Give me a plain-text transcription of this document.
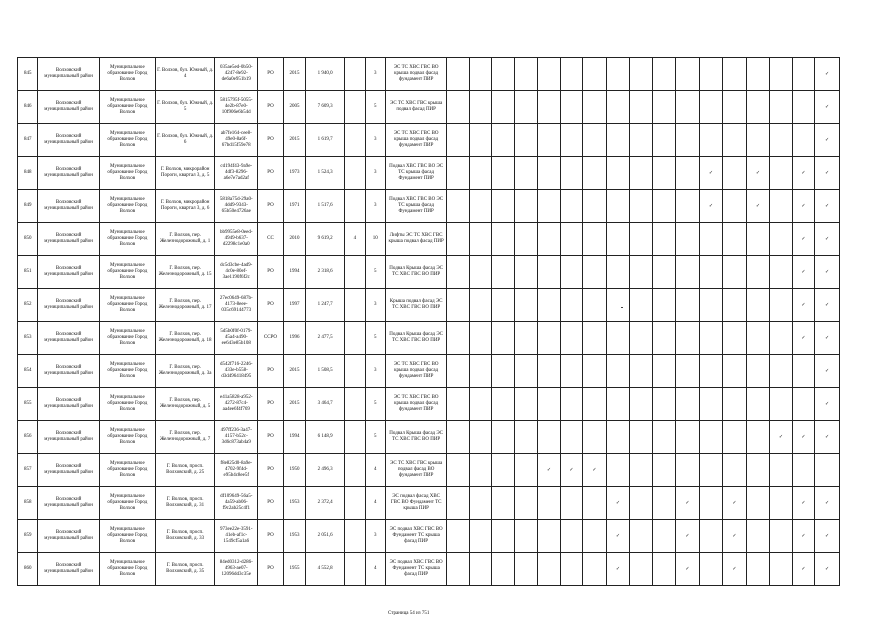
845	Волховский муниципальный район	Муниципальное образование Город Волхов	Г. Волхов, бул. Южный, д. 4	035ae5ed-0b50-4247-8e92-de6a0e951b19	РО	2015	1 940,0		3	ЭС ТС ХВС ГВС ВО крыша подвал фасад фундамент ПИР																	✓
846	Волховский муниципальный район	Муниципальное образование Город Волхов	Г. Волхов, бул. Южный, д. 5	5815795f-5055-4e2b-87e0-10f906e6b54d	РО	2005	7 609,3		5	ЭС ТС ХВС ГВС крыша подвал фасад ПИР																	✓
847	Волховский муниципальный район	Муниципальное образование Город Волхов	Г. Волхов, бул. Южный, д. 6	ab7fe164-cee8-49e0-8a6f-67bd15f59e78	РО	2015	1 619,7		3	ЭС ТС ХВС ГВС ВО крыша подвал фасад фундамент ПИР																	✓
848	Волховский муниципальный район	Муниципальное образование Город Волхов	Г. Волхов, микрорайон Пороги, квартал 3, д. 5	cd194f43-9a9e-4df3-8296-a6e7e7ad2af	РО	1973	1 524,3		3	Подвал ХВС ГВС ВО ЭС ТС крыша фасад Фундамент ПИР												✓		✓		✓	✓
849	Волховский муниципальный район	Муниципальное образование Город Волхов	Г. Волхов, микрорайон Пороги, квартал 3, д. 6	5818a75d-29a0-4dd9-9343-65b50e4726ae	РО	1971	1 517,6		3	Подвал ХВС ГВС ВО ЭС ТС крыша фасад Фундамент ПИР												✓		✓		✓	✓
850	Волховский муниципальный район	Муниципальное образование Город Волхов	Г. Волхов, пер. Железнодорожный, д. 1	bb9955e8-0eed-4949-b637-d2298c1e0a0	СС	2010	9 619,2	4	10	Лифты ЭС ТС ХВС ГВС крыша подвал фасад ПИР																✓	✓
851	Волховский муниципальный район	Муниципальное образование Город Волхов	Г. Волхов, пер. Железнодорожный, д. 15	dc5d3cbe-4ad9-4c0e-80ef-3ae1190f6f2c	РО	1994	2 318,6		5	Подвал Крыша фасад ЭС ТС ХВС ГВС ВО ПИР																✓	✓
852	Волховский муниципальный район	Муниципальное образование Город Волхов	Г. Волхов, пер. Железнодорожный, д. 17	27ec0649-687b-4173-8eee-035c69144773	РО	1997	1 247,7		3	Крыша подвал фасад ЭС ТС ХВС ГВС ВО ПИР																✓	✓
853	Волховский муниципальный район	Муниципальное образование Город Волхов	Г. Волхов, пер. Железнодорожный, д. 18	5d5b0f0f-0179-45a4-a490-ee643e85b108	ССРО	1996	2 477,5		5	Подвал Крыша фасад ЭС ТС ХВС ГВС ВО ПИР																✓	✓
854	Волховский муниципальный район	Муниципальное образование Город Волхов	Г. Волхов, пер. Железнодорожный, д. 3а	d542f716-2246-433e-b558-d3d496418495	РО	2015	1 508,5		3	ЭС ТС ХВС ГВС ВО крыша подвал фасад фундамент ПИР																	✓
855	Волховский муниципальный район	Муниципальное образование Город Волхов	Г. Волхов, пер. Железнодорожный, д. 5	e41a5828-a952-4272-87c4-aa4ee6f4f769	РО	2015	3 464,7		5	ЭС ТС ХВС ГВС ВО крыша подвал фасад фундамент ПИР																	✓
856	Волховский муниципальный район	Муниципальное образование Город Волхов	Г. Волхов, пер. Железнодорожный, д. 7	497ff236-3a47-4157-b52c-3d6c873ab4a9	РО	1994	6 148,9		5	Подвал Крыша фасад ЭС ТС ХВС ГВС ВО ПИР															✓	✓	✓
857	Волховский муниципальный район	Муниципальное образование Город Волхов	Г. Волхов, просп. Волховский, д. 25	f8e825d0-8a9e-4702-9f4d-e95b4c8ee5f	РО	1950	2 496,3		4	ЭС ТС ХВС ГВС крыша подвал фасад ВО фундамент ПИР					✓	✓	✓										
858	Волховский муниципальный район	Муниципальное образование Город Волхов	Г. Волхов, просп. Волховский, д. 31	df109649-56a5-4a59-ab06-f9c2ab25c4f1	РО	1953	2 372,4		4	ЭС подвал фасад ХВС ГВС ВО Фундамент ТС крыша ПИР								✓			✓		✓			✓	✓
859	Волховский муниципальный район	Муниципальное образование Город Волхов	Г. Волхов, просп. Волховский, д. 33	973ee22e-3591-41eb-af1c-1549cf5a1a6	РО	1953	2 051,6		3	ЭС подвал ХВС ГВС ВО Фундамент ТС крыша фасад ПИР								✓			✓		✓			✓	✓
860	Волховский муниципальный район	Муниципальное образование Город Волхов	Г. Волхов, просп. Волховский, д. 35	84ed0312-d286-4963-ae07-12096dd3c35e	РО	1955	4 552,8		4	ЭС подвал ХВС ГВС ВО Фундамент ТС крыша фасад ПИР								✓			✓		✓			✓	✓
Страница 54 из 751
